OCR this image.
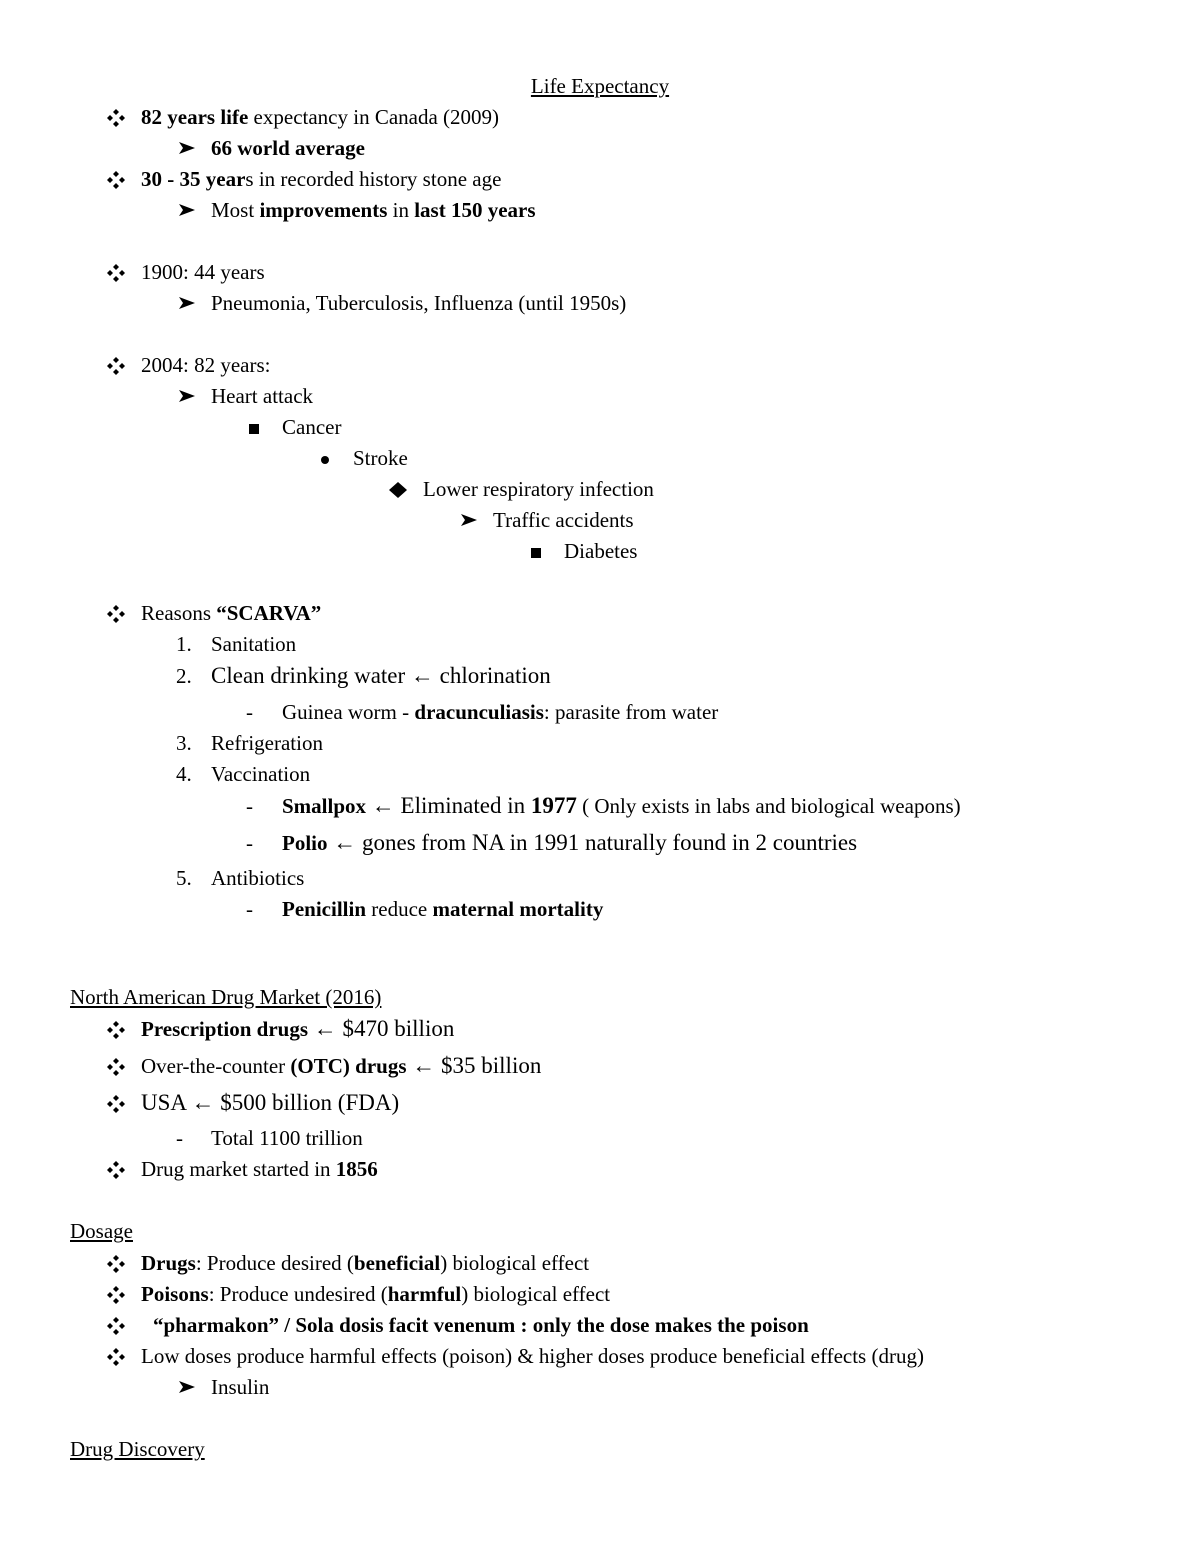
Life Expectancy
82 years life expectancy in Canada (2009)
66 world average
30 - 35 years in recorded history stone age
Most improvements in last 150 years
1900: 44 years
Pneumonia, Tuberculosis, Influenza (until 1950s)
2004: 82 years:
Heart attack
Cancer
Stroke
Lower respiratory infection
Traffic accidents
Diabetes
Reasons “SCARVA”
1. Sanitation
2. Clean drinking water ← chlorination
- Guinea worm - dracunculiasis: parasite from water
3. Refrigeration
4. Vaccination
- Smallpox ← Eliminated in 1977 ( Only exists in labs and biological weapons)
- Polio ← gones from NA in 1991 naturally found in 2 countries
5. Antibiotics
- Penicillin reduce maternal mortality
North American Drug Market (2016)
Prescription drugs ← $470 billion
Over-the-counter (OTC) drugs ← $35 billion
USA ← $500 billion (FDA)
- Total 1100 trillion
Drug market started in 1856
Dosage
Drugs: Produce desired (beneficial) biological effect
Poisons: Produce undesired (harmful) biological effect
“pharmakon” / Sola dosis facit venenum : only the dose makes the poison
Low doses produce harmful effects (poison) & higher doses produce beneficial effects (drug)
Insulin
Drug Discovery
